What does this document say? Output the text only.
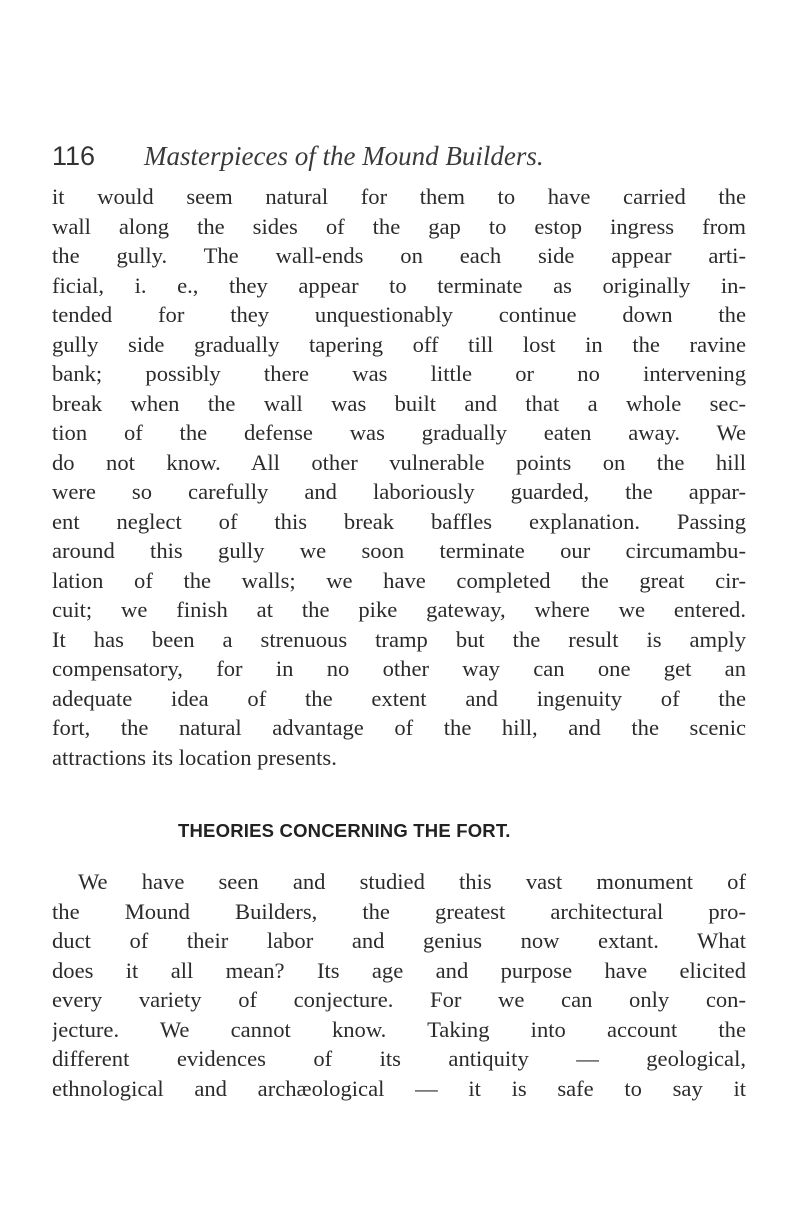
116 Masterpieces of the Mound Builders.
it would seem natural for them to have carried the
wall along the sides of the gap to estop ingress from
the gully. The wall-ends on each side appear arti-
ficial, i. e., they appear to terminate as originally in-
tended for they unquestionably continue down the
gully side gradually tapering off till lost in the ravine
bank; possibly there was little or no intervening
break when the wall was built and that a whole sec-
tion of the defense was gradually eaten away. We
do not know. All other vulnerable points on the hill
were so carefully and laboriously guarded, the appar-
ent neglect of this break baffles explanation. Passing
around this gully we soon terminate our circumambu-
lation of the walls; we have completed the great cir-
cuit; we finish at the pike gateway, where we entered.
It has been a strenuous tramp but the result is amply
compensatory, for in no other way can one get an
adequate idea of the extent and ingenuity of the
fort, the natural advantage of the hill, and the scenic
attractions its location presents.
THEORIES CONCERNING THE FORT.
We have seen and studied this vast monument of
the Mound Builders, the greatest architectural pro-
duct of their labor and genius now extant. What
does it all mean? Its age and purpose have elicited
every variety of conjecture. For we can only con-
jecture. We cannot know. Taking into account the
different evidences of its antiquity — geological,
ethnological and archæological — it is safe to say it
